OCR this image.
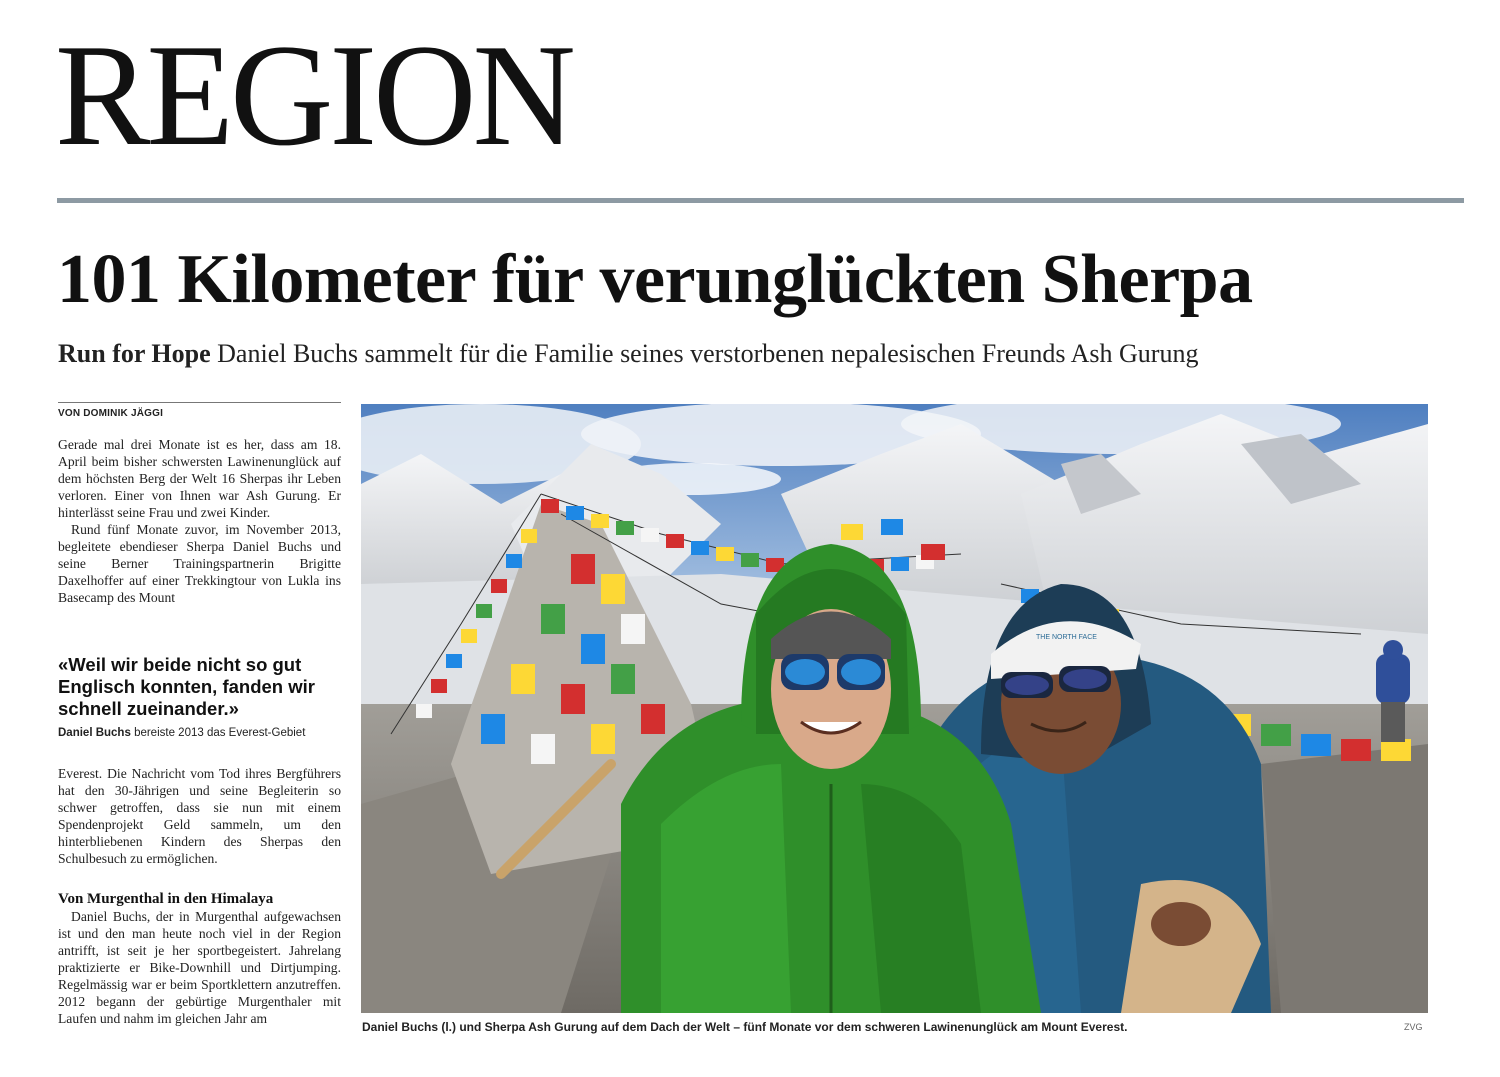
REGION
101 Kilometer für verunglückten Sherpa

Run for Hope Daniel Buchs sammelt für die Familie seines verstorbenen nepalesischen Freunds Ash Gurung

VON DOMINIK JÄGGI

Gerade mal drei Monate ist es her, dass am 18. April beim bisher schwersten Lawinenunglück auf dem höchsten Berg der Welt 16 Sherpas ihr Leben verloren. Einer von Ihnen war Ash Gurung. Er hinterlässt seine Frau und zwei Kinder.

Rund fünf Monate zuvor, im November 2013, begleitete ebendieser Sherpa Daniel Buchs und seine Berner Trainingspartnerin Brigitte Daxelhoffer auf einer Trekkingtour von Lukla ins Basecamp des Mount

«Weil wir beide nicht so gut Englisch konnten, fanden wir schnell zueinander.»

Daniel Buchs bereiste 2013 das Everest-Gebiet

Everest. Die Nachricht vom Tod ihres Bergführers hat den 30-Jährigen und seine Begleiterin so schwer getroffen, dass sie nun mit einem Spendenprojekt Geld sammeln, um den hinterbliebenen Kindern des Sherpas den Schulbesuch zu ermöglichen.

Von Murgenthal in den Himalaya

Daniel Buchs, der in Murgenthal aufgewachsen ist und den man heute noch viel in der Region antrifft, ist seit je her sportbegeistert. Jahrelang praktizierte er Bike-Downhill und Dirtjumping. Regelmässig war er beim Sportklettern anzutreffen. 2012 begann der gebürtige Murgenthaler mit Laufen und nahm im gleichen Jahr am

THE NORTH FACE
Daniel Buchs (l.) und Sherpa Ash Gurung auf dem Dach der Welt – fünf Monate vor dem schweren Lawinenunglück am Mount Everest.	ZVG
